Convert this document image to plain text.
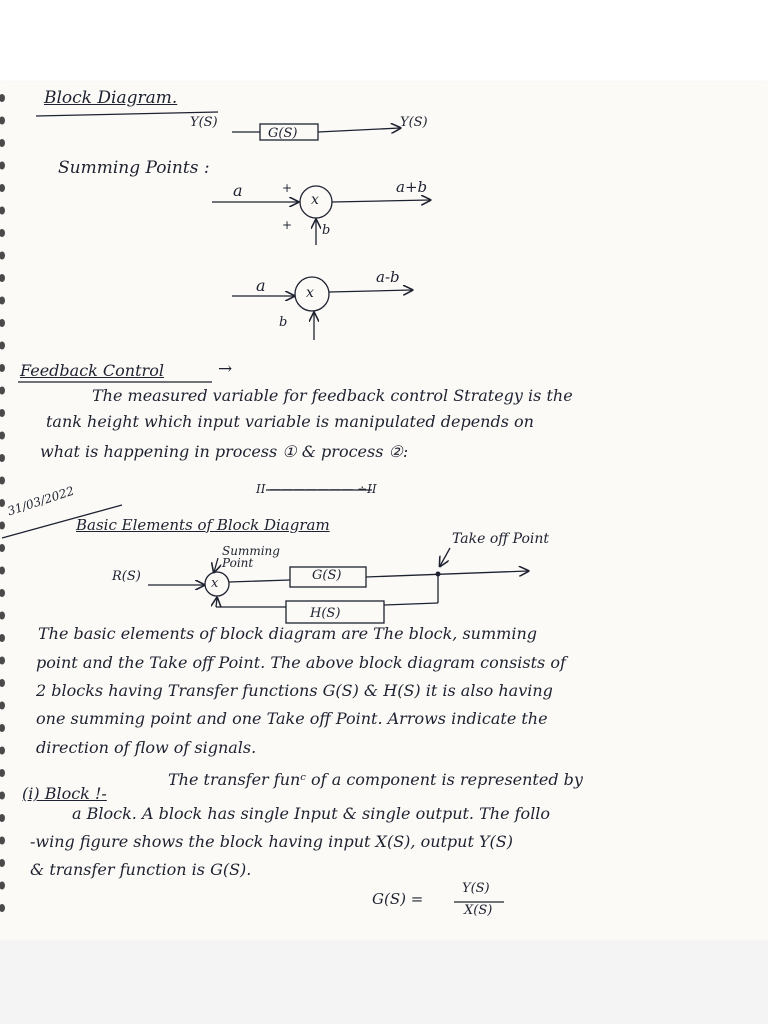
Block Diagram.
Y(S)
G(S)
Y(S)
Summing Points :
a	+	a+b
+ b
x
a	a-b
b
x
Feedback Control	→
The measured variable for feedback control Strategy is the
tank height which input variable is manipulated depends on
what is happening in process ① & process ②:
II ——————— ∸II
31/03/2022
Basic Elements of Block Diagram
R(S)
Summing Point
G(S)
Take off Point
H(S)
x
The basic elements of block diagram are The block, summing
point and the Take off Point. The above block diagram consists of
2 blocks having Transfer functions G(S) & H(S) it is also having
one summing point and one Take off Point. Arrows indicate the
direction of flow of signals.
(i) Block !-
The transfer funᶜ of a component is represented by
a Block. A block has single Input & single output. The follo
-wing figure shows the block having input X(S), output Y(S)
& transfer function is G(S).
G(S) =
Y(S)
X(S)
